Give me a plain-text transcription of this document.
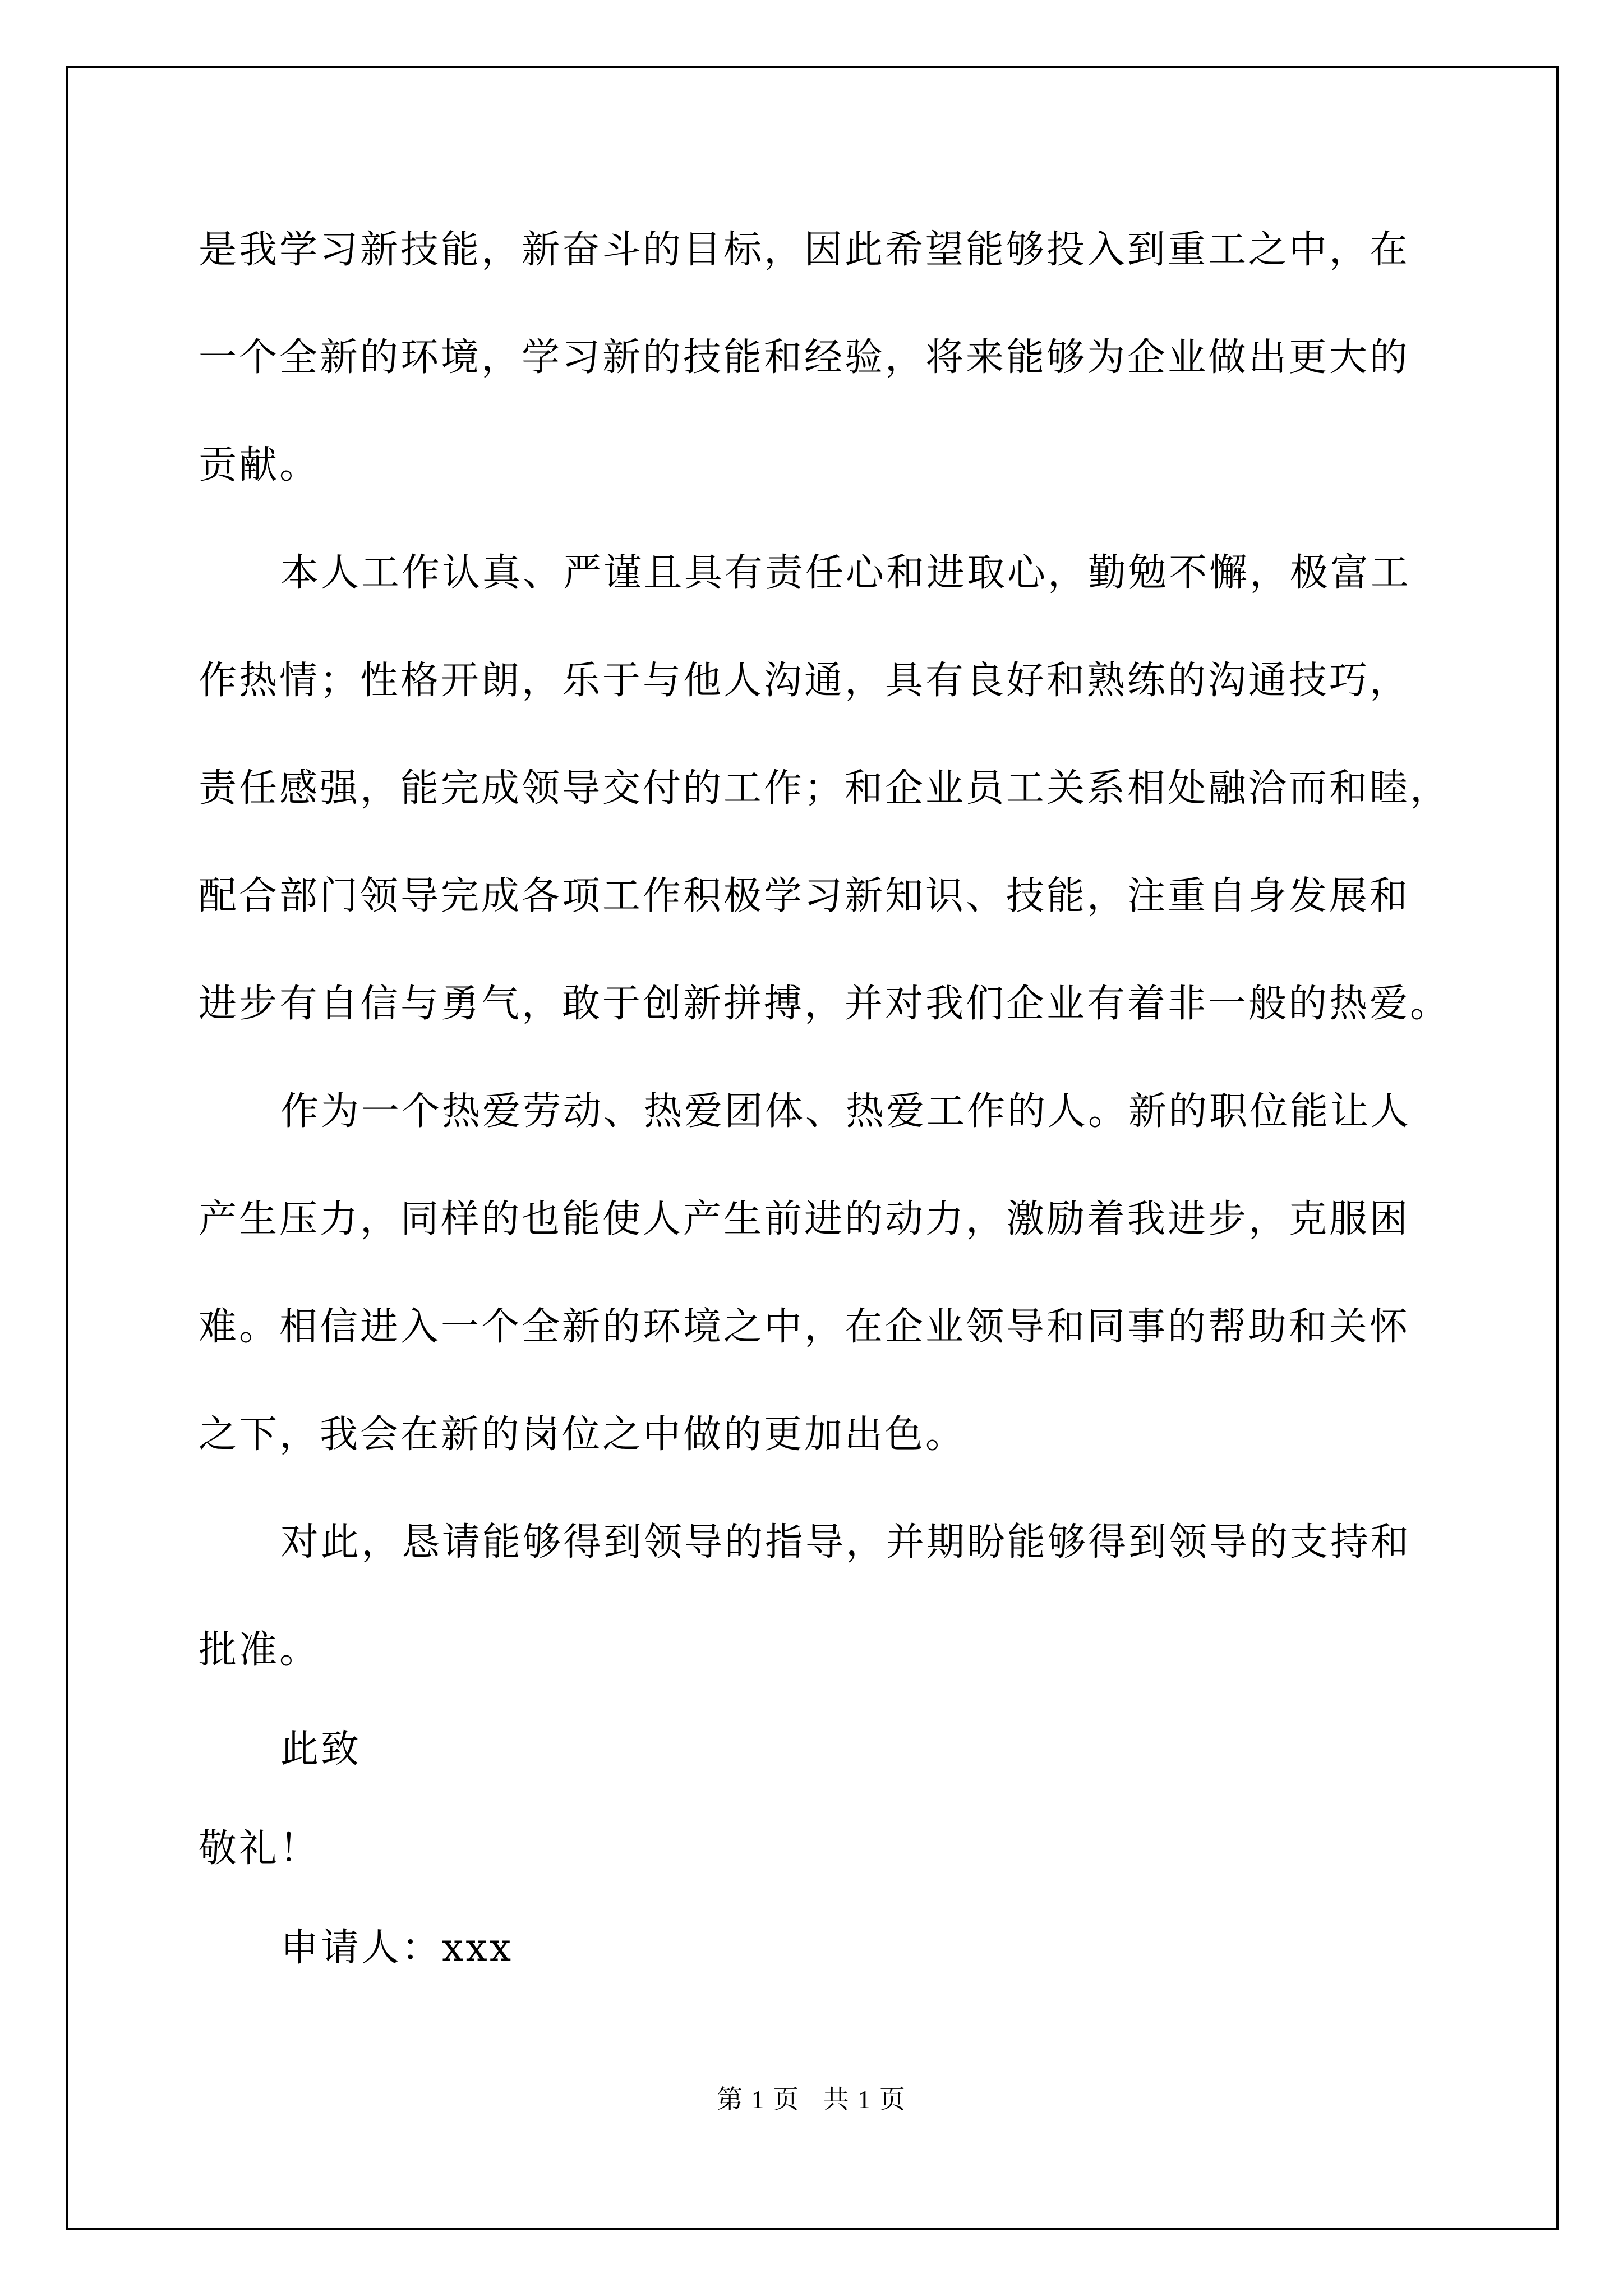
是我学习新技能，新奋斗的目标，因此希望能够投入到重工之中，在
一个全新的环境，学习新的技能和经验，将来能够为企业做出更大的
贡献。
本人工作认真、严谨且具有责任心和进取心，勤勉不懈，极富工
作热情；性格开朗，乐于与他人沟通，具有良好和熟练的沟通技巧，
责任感强，能完成领导交付的工作；和企业员工关系相处融洽而和睦，
配合部门领导完成各项工作积极学习新知识、技能，注重自身发展和
进步有自信与勇气，敢于创新拼搏，并对我们企业有着非一般的热爱。
作为一个热爱劳动、热爱团体、热爱工作的人。新的职位能让人
产生压力，同样的也能使人产生前进的动力，激励着我进步，克服困
难。相信进入一个全新的环境之中，在企业领导和同事的帮助和关怀
之下，我会在新的岗位之中做的更加出色。
对此，恳请能够得到领导的指导，并期盼能够得到领导的支持和
批准。
此致
敬礼！
申请人：xxx
第 1 页 共 1 页
